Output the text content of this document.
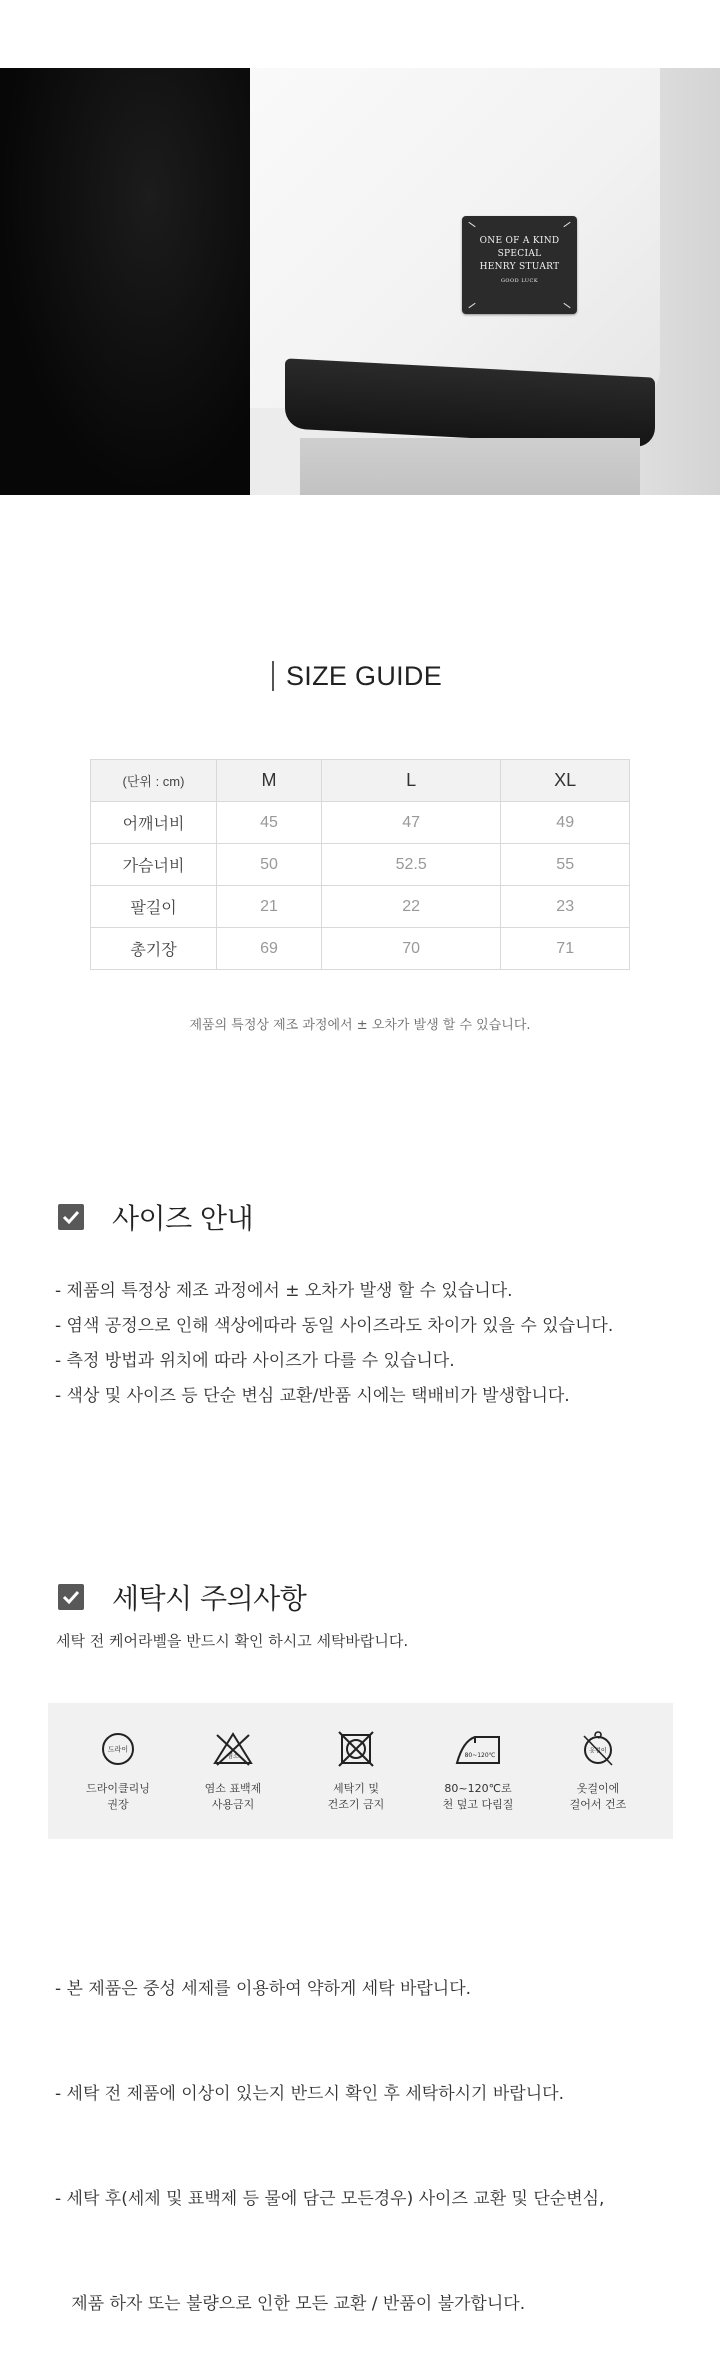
ONE OF A KIND
SPECIAL
HENRY STUART
GOOD LUCK
SIZE GUIDE
(단위 : cm)	M	L	XL
어깨너비	45	47	49
가슴너비	50	52.5	55
팔길이	21	22	23
총기장	69	70	71
제품의 특정상 제조 과정에서 ± 오차가 발생 할 수 있습니다.
사이즈 안내
- 제품의 특정상 제조 과정에서 ± 오차가 발생 할 수 있습니다.
- 염색 공정으로 인해 색상에따라 동일 사이즈라도 차이가 있을 수 있습니다.
- 측정 방법과 위치에 따라 사이즈가 다를 수 있습니다.
- 색상 및 사이즈 등 단순 변심 교환/반품 시에는 택배비가 발생합니다.
세탁시 주의사항
세탁 전 케어라벨을 반드시 확인 하시고 세탁바랍니다.
드라이
드라이클리닝
권장
염소
염소 표백제
사용금지
세탁기 및
건조기 금지
80~120℃
80~120℃로
천 덮고 다림질
옷걸이
옷걸이에
걸어서 건조

- 본 제품은 중성 세제를 이용하여 약하게 세탁 바랍니다.

- 세탁 전 제품에 이상이 있는지 반드시 확인 후 세탁하시기 바랍니다.

- 세탁 후(세제 및 표백제 등 물에 담근 모든경우) 사이즈 교환 및 단순변심,

제품 하자 또는 불량으로 인한 모든 교환 / 반품이 불가합니다.
